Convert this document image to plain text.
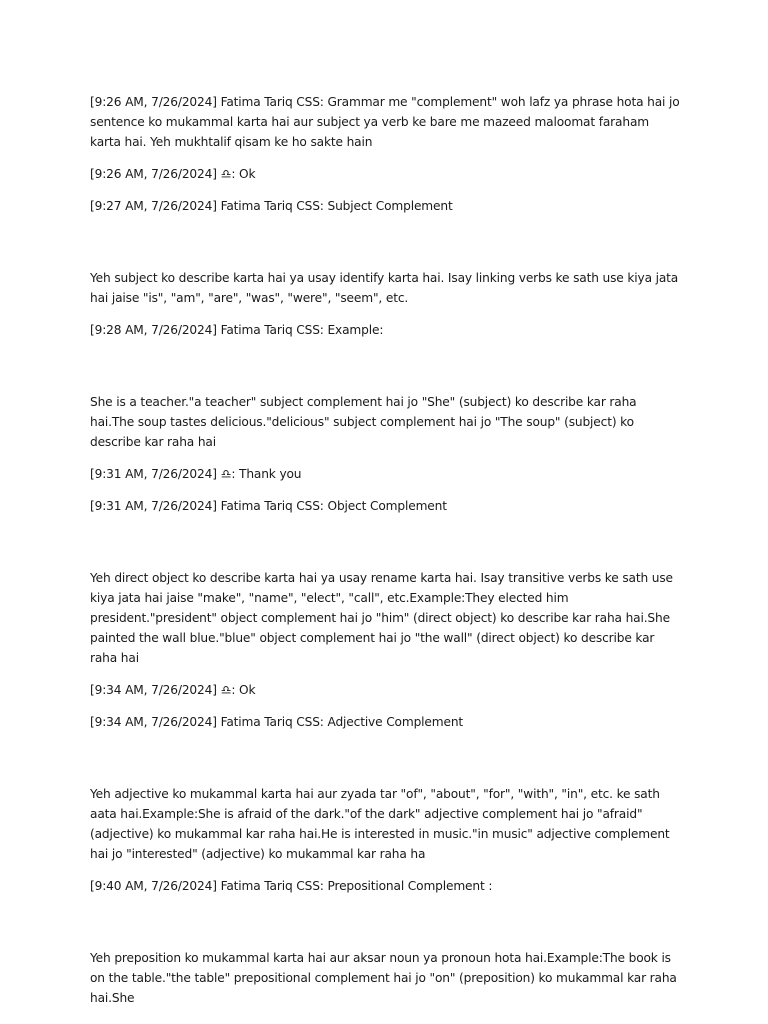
[9:26 AM, 7/26/2024] Fatima Tariq CSS: Grammar me "complement" woh lafz ya phrase hota hai jo sentence ko mukammal karta hai aur subject ya verb ke bare me mazeed maloomat faraham karta hai. Yeh mukhtalif qisam ke ho sakte hain

[9:26 AM, 7/26/2024] ♎: Ok

[9:27 AM, 7/26/2024] Fatima Tariq CSS: Subject Complement

Yeh subject ko describe karta hai ya usay identify karta hai. Isay linking verbs ke sath use kiya jata hai jaise "is", "am", "are", "was", "were", "seem", etc.

[9:28 AM, 7/26/2024] Fatima Tariq CSS: Example:

She is a teacher."a teacher" subject complement hai jo "She" (subject) ko describe kar raha hai.The soup tastes delicious."delicious" subject complement hai jo "The soup" (subject) ko describe kar raha hai

[9:31 AM, 7/26/2024] ♎: Thank you

[9:31 AM, 7/26/2024] Fatima Tariq CSS: Object Complement

Yeh direct object ko describe karta hai ya usay rename karta hai. Isay transitive verbs ke sath use kiya jata hai jaise "make", "name", "elect", "call", etc.Example:They elected him president."president" object complement hai jo "him" (direct object) ko describe kar raha hai.She painted the wall blue."blue" object complement hai jo "the wall" (direct object) ko describe kar raha hai

[9:34 AM, 7/26/2024] ♎: Ok

[9:34 AM, 7/26/2024] Fatima Tariq CSS: Adjective Complement

Yeh adjective ko mukammal karta hai aur zyada tar "of", "about", "for", "with", "in", etc. ke sath aata hai.Example:She is afraid of the dark."of the dark" adjective complement hai jo "afraid" (adjective) ko mukammal kar raha hai.He is interested in music."in music" adjective complement hai jo "interested" (adjective) ko mukammal kar raha ha

[9:40 AM, 7/26/2024] Fatima Tariq CSS: Prepositional Complement :

Yeh preposition ko mukammal karta hai aur aksar noun ya pronoun hota hai.Example:The book is on the table."the table" prepositional complement hai jo "on" (preposition) ko mukammal kar raha hai.She
